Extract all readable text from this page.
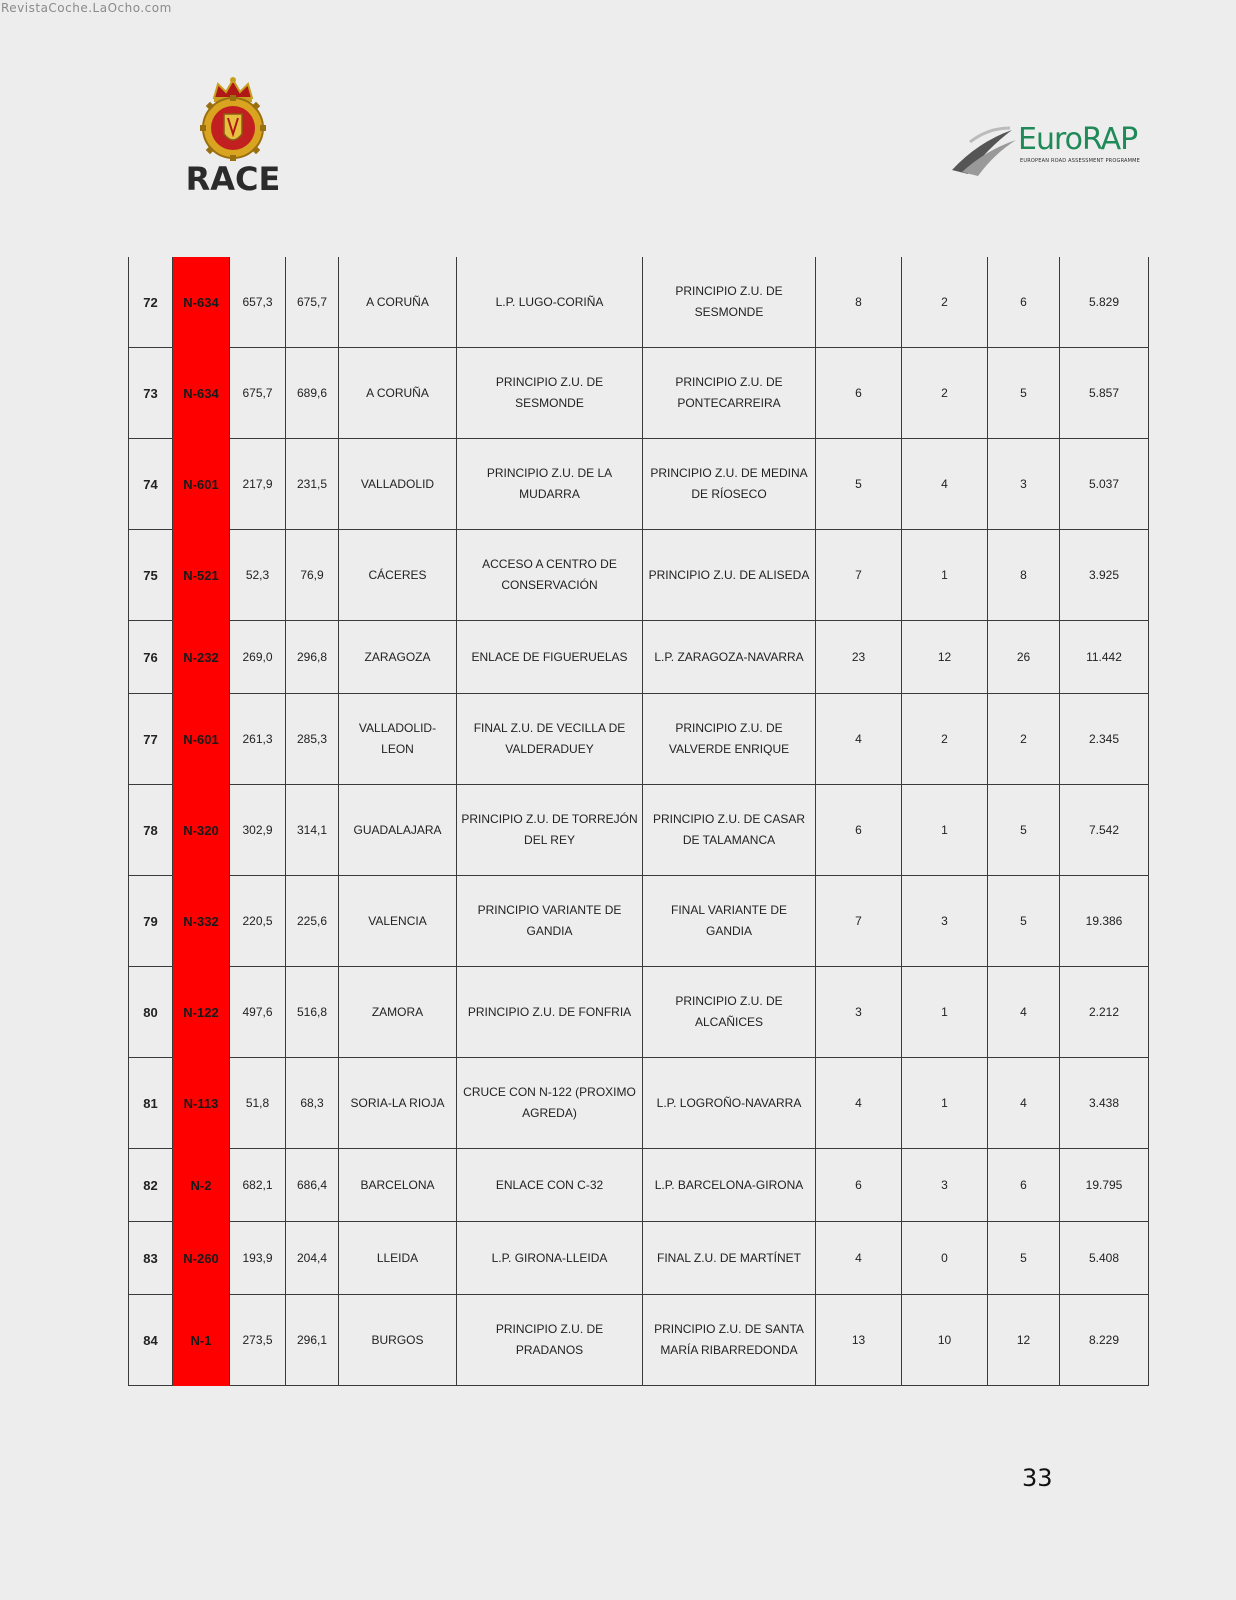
RevistaCoche.LaOcho.com
RACE
EuroRAP
EUROPEAN ROAD ASSESSMENT PROGRAMME
72	N-634	657,3	675,7	A CORUÑA	L.P. LUGO-CORIÑA	PRINCIPIO Z.U. DE SESMONDE	8	2	6	5.829
73	N-634	675,7	689,6	A CORUÑA	PRINCIPIO Z.U. DE SESMONDE	PRINCIPIO Z.U. DE PONTECARREIRA	6	2	5	5.857
74	N-601	217,9	231,5	VALLADOLID	PRINCIPIO Z.U. DE LA MUDARRA	PRINCIPIO Z.U. DE MEDINA DE RÍOSECO	5	4	3	5.037
75	N-521	52,3	76,9	CÁCERES	ACCESO A CENTRO DE CONSERVACIÓN	PRINCIPIO Z.U. DE ALISEDA	7	1	8	3.925
76	N-232	269,0	296,8	ZARAGOZA	ENLACE DE FIGUERUELAS	L.P. ZARAGOZA-NAVARRA	23	12	26	11.442
77	N-601	261,3	285,3	VALLADOLID-LEON	FINAL Z.U. DE VECILLA DE VALDERADUEY	PRINCIPIO Z.U. DE VALVERDE ENRIQUE	4	2	2	2.345
78	N-320	302,9	314,1	GUADALAJARA	PRINCIPIO Z.U. DE TORREJÓN DEL REY	PRINCIPIO Z.U. DE CASAR DE TALAMANCA	6	1	5	7.542
79	N-332	220,5	225,6	VALENCIA	PRINCIPIO VARIANTE DE GANDIA	FINAL VARIANTE DE GANDIA	7	3	5	19.386
80	N-122	497,6	516,8	ZAMORA	PRINCIPIO Z.U. DE FONFRIA	PRINCIPIO Z.U. DE ALCAÑICES	3	1	4	2.212
81	N-113	51,8	68,3	SORIA-LA RIOJA	CRUCE CON N-122 (PROXIMO AGREDA)	L.P. LOGROÑO-NAVARRA	4	1	4	3.438
82	N-2	682,1	686,4	BARCELONA	ENLACE CON C-32	L.P. BARCELONA-GIRONA	6	3	6	19.795
83	N-260	193,9	204,4	LLEIDA	L.P. GIRONA-LLEIDA	FINAL Z.U. DE MARTÍNET	4	0	5	5.408
84	N-1	273,5	296,1	BURGOS	PRINCIPIO Z.U. DE PRADANOS	PRINCIPIO Z.U. DE SANTA MARÍA RIBARREDONDA	13	10	12	8.229
33
